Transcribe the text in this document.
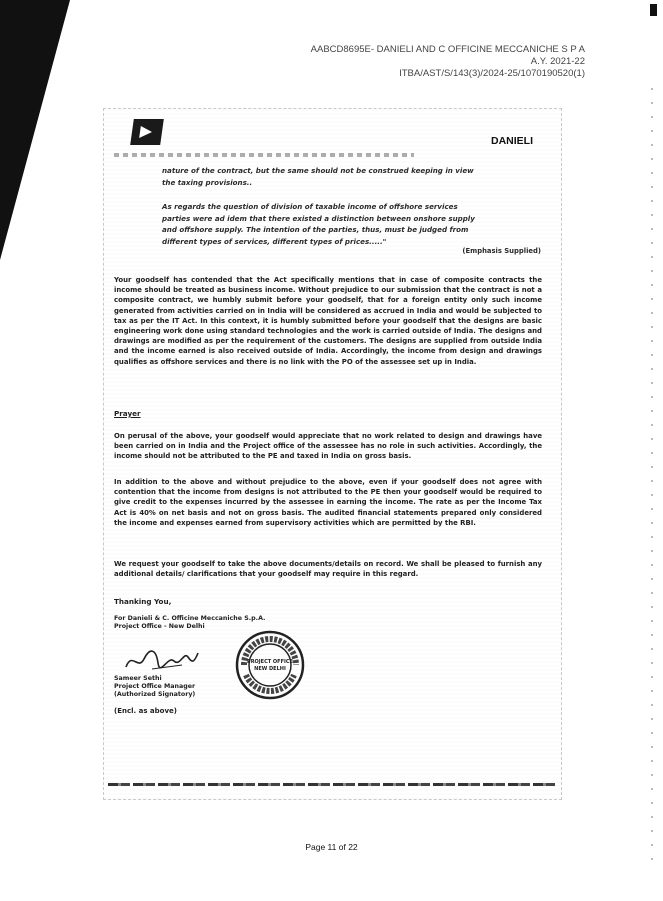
AABCD8695E- DANIELI AND C OFFICINE MECCANICHE S P A
A.Y. 2021-22
ITBA/AST/S/143(3)/2024-25/1070190520(1)
DANIELI
nature of the contract, but the same should not be construed keeping in view the taxing provisions..
As regards the question of division of taxable income of offshore services parties were ad idem that there existed a distinction between onshore supply and offshore supply. The intention of the parties, thus, must be judged from different types of services, different types of prices....."
(Emphasis Supplied)
Your goodself has contended that the Act specifically mentions that in case of composite contracts the income should be treated as business income. Without prejudice to our submission that the contract is not a composite contract, we humbly submit before your goodself, that for a foreign entity only such income generated from activities carried on in India will be considered as accrued in India and would be subjected to tax as per the IT Act. In this context, it is humbly submitted before your goodself that the designs are basic engineering work done using standard technologies and the work is carried outside of India. The designs and drawings are modified as per the requirement of the customers. The designs are supplied from outside India and the income earned is also received outside of India. Accordingly, the income from design and drawings qualifies as offshore services and there is no link with the PO of the assessee set up in India.
Prayer
On perusal of the above, your goodself would appreciate that no work related to design and drawings have been carried on in India and the Project office of the assessee has no role in such activities. Accordingly, the income should not be attributed to the PE and taxed in India on gross basis.
In addition to the above and without prejudice to the above, even if your goodself does not agree with contention that the income from designs is not attributed to the PE then your goodself would be required to give credit to the expenses incurred by the assessee in earning the income. The rate as per the Income Tax Act is 40% on net basis and not on gross basis. The audited financial statements prepared only considered the income and expenses earned from supervisory activities which are permitted by the RBI.
We request your goodself to take the above documents/details on record. We shall be pleased to furnish any additional details/ clarifications that your goodself may require in this regard.
Thanking You,
For Danieli & C. Officine Meccaniche S.p.A.
Project Office - New Delhi
PROJECT OFFICE
NEW DELHI
Sameer Sethi
Project Office Manager
(Authorized Signatory)
(Encl. as above)
Page 11 of 22
